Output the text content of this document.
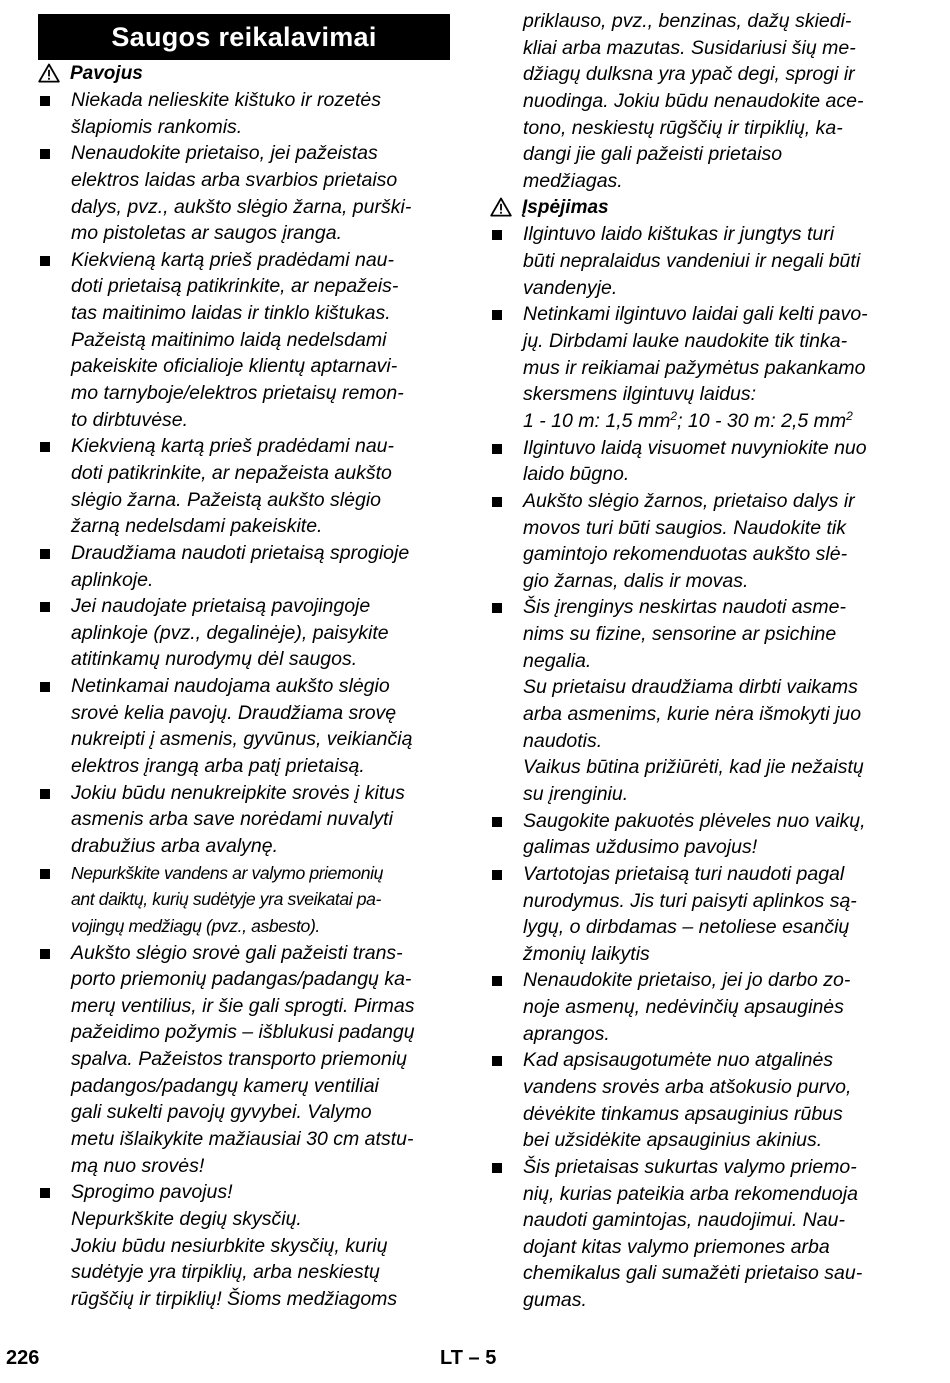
Saugos reikalavimai
Pavojus
Niekada nelieskite kištuko ir rozetės
šlapiomis rankomis.
Nenaudokite prietaiso, jei pažeistas
elektros laidas arba svarbios prietaiso
dalys, pvz., aukšto slėgio žarna, purški-
mo pistoletas ar saugos įranga.
Kiekvieną kartą prieš pradėdami nau-
doti prietaisą patikrinkite, ar nepažeis-
tas maitinimo laidas ir tinklo kištukas.
Pažeistą maitinimo laidą nedelsdami
pakeiskite oficialioje klientų aptarnavi-
mo tarnyboje/elektros prietaisų remon-
to dirbtuvėse.
Kiekvieną kartą prieš pradėdami nau-
doti patikrinkite, ar nepažeista aukšto
slėgio žarna. Pažeistą aukšto slėgio
žarną nedelsdami pakeiskite.
Draudžiama naudoti prietaisą sprogioje
aplinkoje.
Jei naudojate prietaisą pavojingoje
aplinkoje (pvz., degalinėje), paisykite
atitinkamų nurodymų dėl saugos.
Netinkamai naudojama aukšto slėgio
srovė kelia pavojų. Draudžiama srovę
nukreipti į asmenis, gyvūnus, veikiančią
elektros įrangą arba patį prietaisą.
Jokiu būdu nenukreipkite srovės į kitus
asmenis arba save norėdami nuvalyti
drabužius arba avalynę.
Nepurkškite vandens ar valymo priemonių
ant daiktų, kurių sudėtyje yra sveikatai pa-
vojingų medžiagų (pvz., asbesto).
Aukšto slėgio srovė gali pažeisti trans-
porto priemonių padangas/padangų ka-
merų ventilius, ir šie gali sprogti. Pirmas
pažeidimo požymis – išblukusi padangų
spalva. Pažeistos transporto priemonių
padangos/padangų kamerų ventiliai
gali sukelti pavojų gyvybei. Valymo
metu išlaikykite mažiausiai 30 cm atstu-
mą nuo srovės!
Sprogimo pavojus!
Nepurkškite degių skysčių.
Jokiu būdu nesiurbkite skysčių, kurių
sudėtyje yra tirpiklių, arba neskiestų
rūgščių ir tirpiklių! Šioms medžiagoms
priklauso, pvz., benzinas, dažų skiedi-
kliai arba mazutas. Susidariusi šių me-
džiagų dulksna yra ypač degi, sprogi ir
nuodinga. Jokiu būdu nenaudokite ace-
tono, neskiestų rūgščių ir tirpiklių, ka-
dangi jie gali pažeisti prietaiso
medžiagas.
Įspėjimas
Ilgintuvo laido kištukas ir jungtys turi
būti nepralaidus vandeniui ir negali būti
vandenyje.
Netinkami ilgintuvo laidai gali kelti pavo-
jų. Dirbdami lauke naudokite tik tinka-
mus ir reikiamai pažymėtus pakankamo
skersmens ilgintuvų laidus:
1 - 10 m: 1,5 $mm^2$; 10 - 30 m: 2,5 $mm^2$
Ilgintuvo laidą visuomet nuvyniokite nuo
laido būgno.
Aukšto slėgio žarnos, prietaiso dalys ir
movos turi būti saugios. Naudokite tik
gamintojo rekomenduotas aukšto slė-
gio žarnas, dalis ir movas.
Šis įrenginys neskirtas naudoti asme-
nims su fizine, sensorine ar psichine
negalia.
Su prietaisu draudžiama dirbti vaikams
arba asmenims, kurie nėra išmokyti juo
naudotis.
Vaikus būtina prižiūrėti, kad jie nežaistų
su įrenginiu.
Saugokite pakuotės plėveles nuo vaikų,
galimas uždusimo pavojus!
Vartotojas prietaisą turi naudoti pagal
nurodymus. Jis turi paisyti aplinkos są-
lygų, o dirbdamas – netoliese esančių
žmonių laikytis
Nenaudokite prietaiso, jei jo darbo zo-
noje asmenų, nedėvinčių apsauginės
aprangos.
Kad apsisaugotumėte nuo atgalinės
vandens srovės arba atšokusio purvo,
dėvėkite tinkamus apsauginius rūbus
bei užsidėkite apsauginius akinius.
Šis prietaisas sukurtas valymo priemo-
nių, kurias pateikia arba rekomenduoja
naudoti gamintojas, naudojimui. Nau-
dojant kitas valymo priemones arba
chemikalus gali sumažėti prietaiso sau-
gumas.
226	LT – 5
